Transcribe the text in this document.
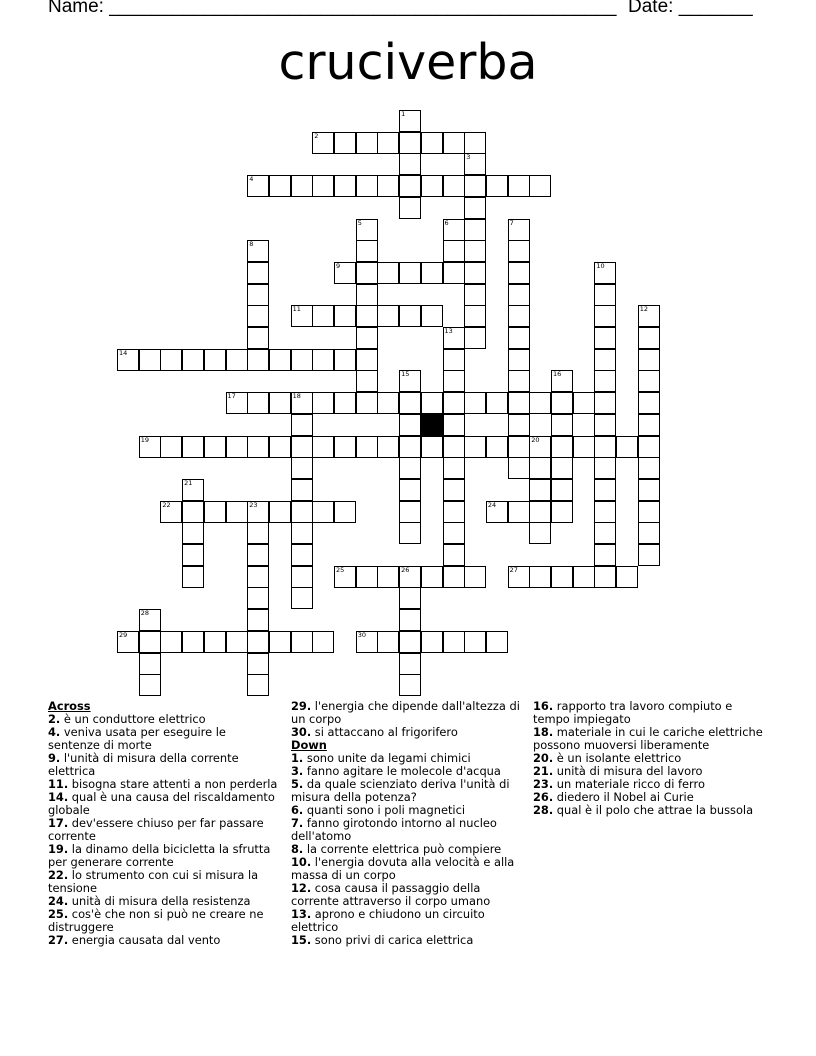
Name: ________________________________________________ Date: _______
cruciverba
1
2
3
4
5	6	7
8
9	10
11	12
13
14
15	16
17	18
19	20
21
22	23	24
25	26	27
28
29	30
Across
2. è un conduttore elettrico
4. veniva usata per eseguire le sentenze di morte
9. l'unità di misura della corrente elettrica
11. bisogna stare attenti a non perderla
14. qual è una causa del riscaldamento globale
17. dev'essere chiuso per far passare corrente
19. la dinamo della bicicletta la sfrutta per generare corrente
22. lo strumento con cui si misura la tensione
24. unità di misura della resistenza
25. cos'è che non si può ne creare ne distruggere
27. energia causata dal vento
29. l'energia che dipende dall'altezza di un corpo
30. si attaccano al frigorifero
Down
1. sono unite da legami chimici
3. fanno agitare le molecole d'acqua
5. da quale scienziato deriva l'unità di misura della potenza?
6. quanti sono i poli magnetici
7. fanno girotondo intorno al nucleo dell'atomo
8. la corrente elettrica può compiere
10. l'energia dovuta alla velocità e alla massa di un corpo
12. cosa causa il passaggio della corrente attraverso il corpo umano
13. aprono e chiudono un circuito elettrico
15. sono privi di carica elettrica
16. rapporto tra lavoro compiuto e tempo impiegato
18. materiale in cui le cariche elettriche possono muoversi liberamente
20. è un isolante elettrico
21. unità di misura del lavoro
23. un materiale ricco di ferro
26. diedero il Nobel ai Curie
28. qual è il polo che attrae la bussola
